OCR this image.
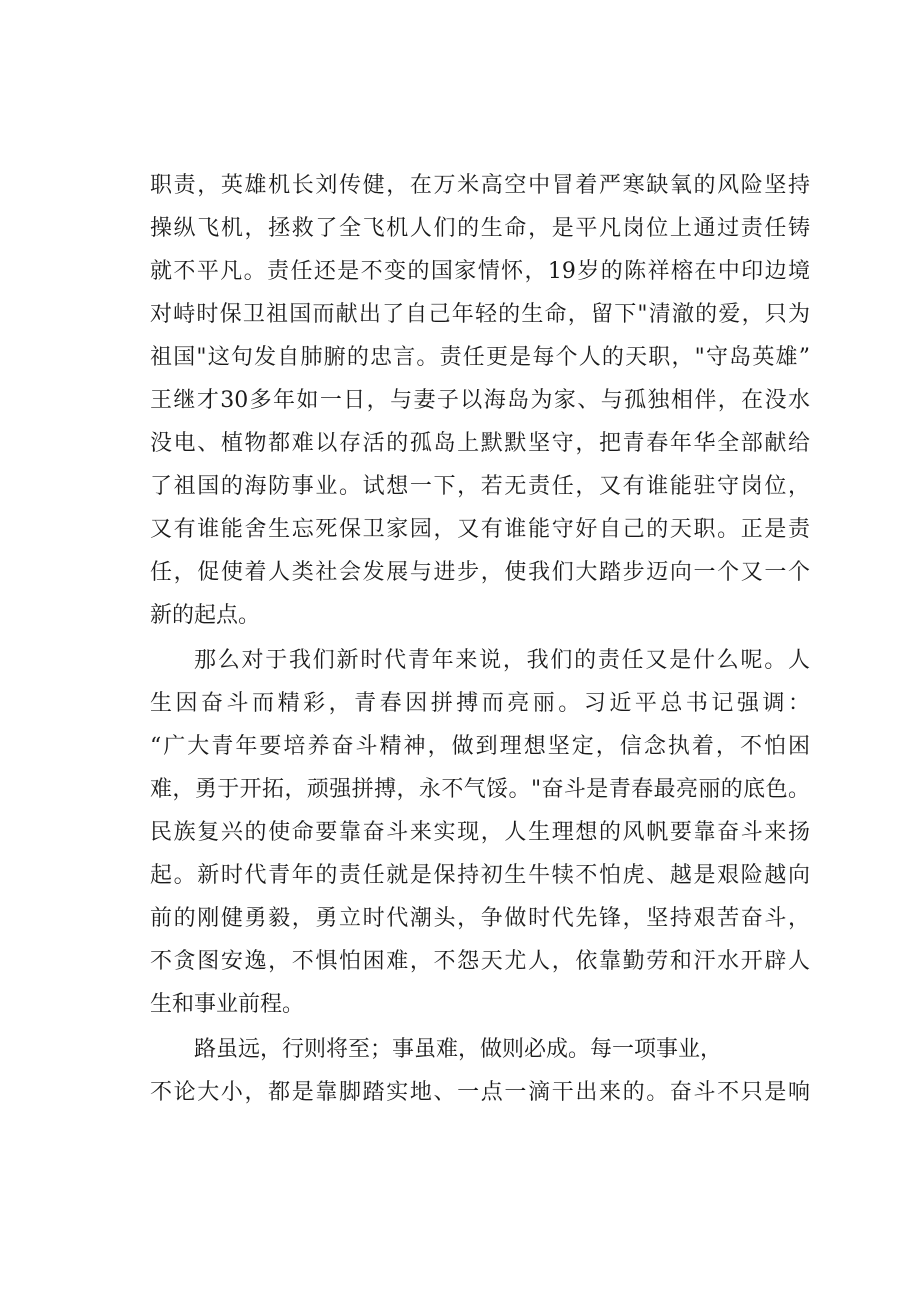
职责，英雄机长刘传健，在万米高空中冒着严寒缺氧的风险坚持
操纵飞机，拯救了全飞机人们的生命，是平凡岗位上通过责任铸
就不平凡。责任还是不变的国家情怀，19岁的陈祥榕在中印边境
对峙时保卫祖国而献出了自己年轻的生命，留下"清澈的爱，只为
祖国"这句发自肺腑的忠言。责任更是每个人的天职，"守岛英雄”
王继才30多年如一日，与妻子以海岛为家、与孤独相伴，在没水
没电、植物都难以存活的孤岛上默默坚守，把青春年华全部献给
了祖国的海防事业。试想一下，若无责任，又有谁能驻守岗位，
又有谁能舍生忘死保卫家园，又有谁能守好自己的天职。正是责
任，促使着人类社会发展与进步，使我们大踏步迈向一个又一个
新的起点。
那么对于我们新时代青年来说，我们的责任又是什么呢。人
生因奋斗而精彩，青春因拼搏而亮丽。习近平总书记强调：
“广大青年要培养奋斗精神，做到理想坚定，信念执着，不怕困
难，勇于开拓，顽强拼搏，永不气馁。"奋斗是青春最亮丽的底色。
民族复兴的使命要靠奋斗来实现，人生理想的风帆要靠奋斗来扬
起。新时代青年的责任就是保持初生牛犊不怕虎、越是艰险越向
前的刚健勇毅，勇立时代潮头，争做时代先锋，坚持艰苦奋斗，
不贪图安逸，不惧怕困难，不怨天尤人，依靠勤劳和汗水开辟人
生和事业前程。
路虽远，行则将至；事虽难，做则必成。每一项事业，
不论大小，都是靠脚踏实地、一点一滴干出来的。奋斗不只是响
